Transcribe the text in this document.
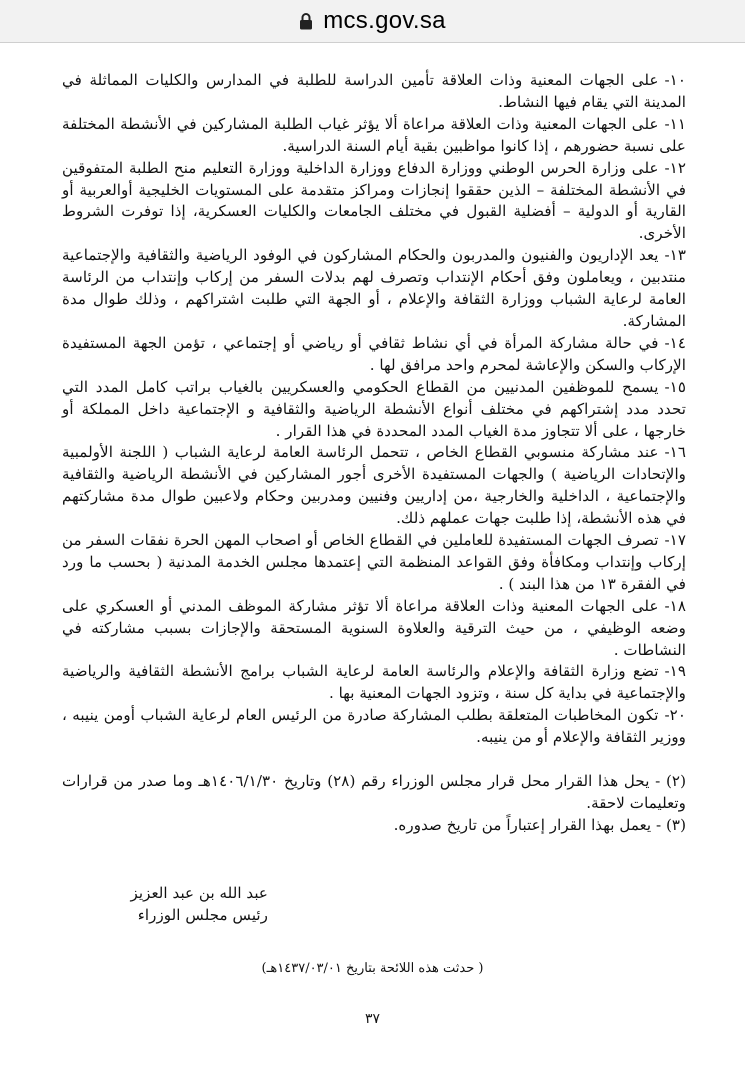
mcs.gov.sa

١٠-على الجهات المعنية وذات العلاقة تأمين الدراسة للطلبة في المدارس والكليات المماثلة في المدينة التي يقام فيها النشاط.

١١-على الجهات المعنية وذات العلاقة مراعاة ألا يؤثر غياب الطلبة المشاركين في الأنشطة المختلفة على نسبة حضورهم ، إذا كانوا مواظبين بقية أيام السنة الدراسية.

١٢-على وزارة الحرس الوطني ووزارة الدفاع ووزارة الداخلية ووزارة التعليم منح الطلبة المتفوقين في الأنشطة المختلفة – الذين حققوا إنجازات ومراكز متقدمة على المستويات الخليجية أوالعربية أو القارية أو الدولية – أفضلية القبول في مختلف الجامعات والكليات العسكرية، إذا توفرت الشروط الأخرى.

١٣-يعد الإداريون والفنيون والمدربون والحكام المشاركون في الوفود الرياضية والثقافية والإجتماعية منتدبين ، ويعاملون وفق أحكام الإنتداب وتصرف لهم بدلات السفر من إركاب وإنتداب من الرئاسة العامة لرعاية الشباب ووزارة الثقافة والإعلام ، أو الجهة التي طلبت اشتراكهم ، وذلك طوال مدة المشاركة.

١٤-في حالة مشاركة المرأة في أي نشاط ثقافي أو رياضي أو إجتماعي ، تؤمن الجهة المستفيدة الإركاب والسكن والإعاشة لمحرم واحد مرافق لها .

١٥-يسمح للموظفين المدنيين من القطاع الحكومي والعسكريين بالغياب براتب كامل المدد التي تحدد مدد إشتراكهم في مختلف أنواع الأنشطة الرياضية والثقافية و الإجتماعية داخل المملكة أو خارجها ، على ألا تتجاوز مدة الغياب المدد المحددة في هذا القرار .

١٦-عند مشاركة منسوبي القطاع الخاص ، تتحمل الرئاسة العامة لرعاية الشباب ( اللجنة الأولمبية والإتحادات الرياضية ) والجهات المستفيدة الأخرى أجور المشاركين في الأنشطة الرياضية والثقافية والإجتماعية ، الداخلية والخارجية ،من إداريين وفنيين ومدربين وحكام ولاعبين طوال مدة مشاركتهم في هذه الأنشطة، إذا طلبت جهات عملهم ذلك.

١٧-تصرف الجهات المستفيدة للعاملين في القطاع الخاص أو اصحاب المهن الحرة نفقات السفر من إركاب وإنتداب ومكافأة وفق القواعد المنظمة التي إعتمدها مجلس الخدمة المدنية ( بحسب ما ورد في الفقرة ١٣ من هذا البند ) .

١٨-على الجهات المعنية وذات العلاقة مراعاة ألا تؤثر مشاركة الموظف المدني أو العسكري على وضعه الوظيفي ، من حيث الترقية والعلاوة السنوية المستحقة والإجازات بسبب مشاركته في النشاطات .

١٩-تضع وزارة الثقافة والإعلام والرئاسة العامة لرعاية الشباب برامج الأنشطة الثقافية والرياضية والإجتماعية في بداية كل سنة ، وتزود الجهات المعنية بها .

٢٠-تكون المخاطبات المتعلقة بطلب المشاركة صادرة من الرئيس العام لرعاية الشباب أومن ينيبه ، ووزير الثقافة والإعلام أو من ينيبه.

(٢) - يحل هذا القرار محل قرار مجلس الوزراء رقم (٢٨) وتاريخ ١٤٠٦/١/٣٠هـ وما صدر من قرارات وتعليمات لاحقة.

(٣) - يعمل بهذا القرار إعتباراً من تاريخ صدوره.

عبد الله بن عبد العزيز
رئيس مجلس الوزراء
( حدثت هذه اللائحة بتاريخ ١٤٣٧/٠٣/٠١هـ)
٣٧
